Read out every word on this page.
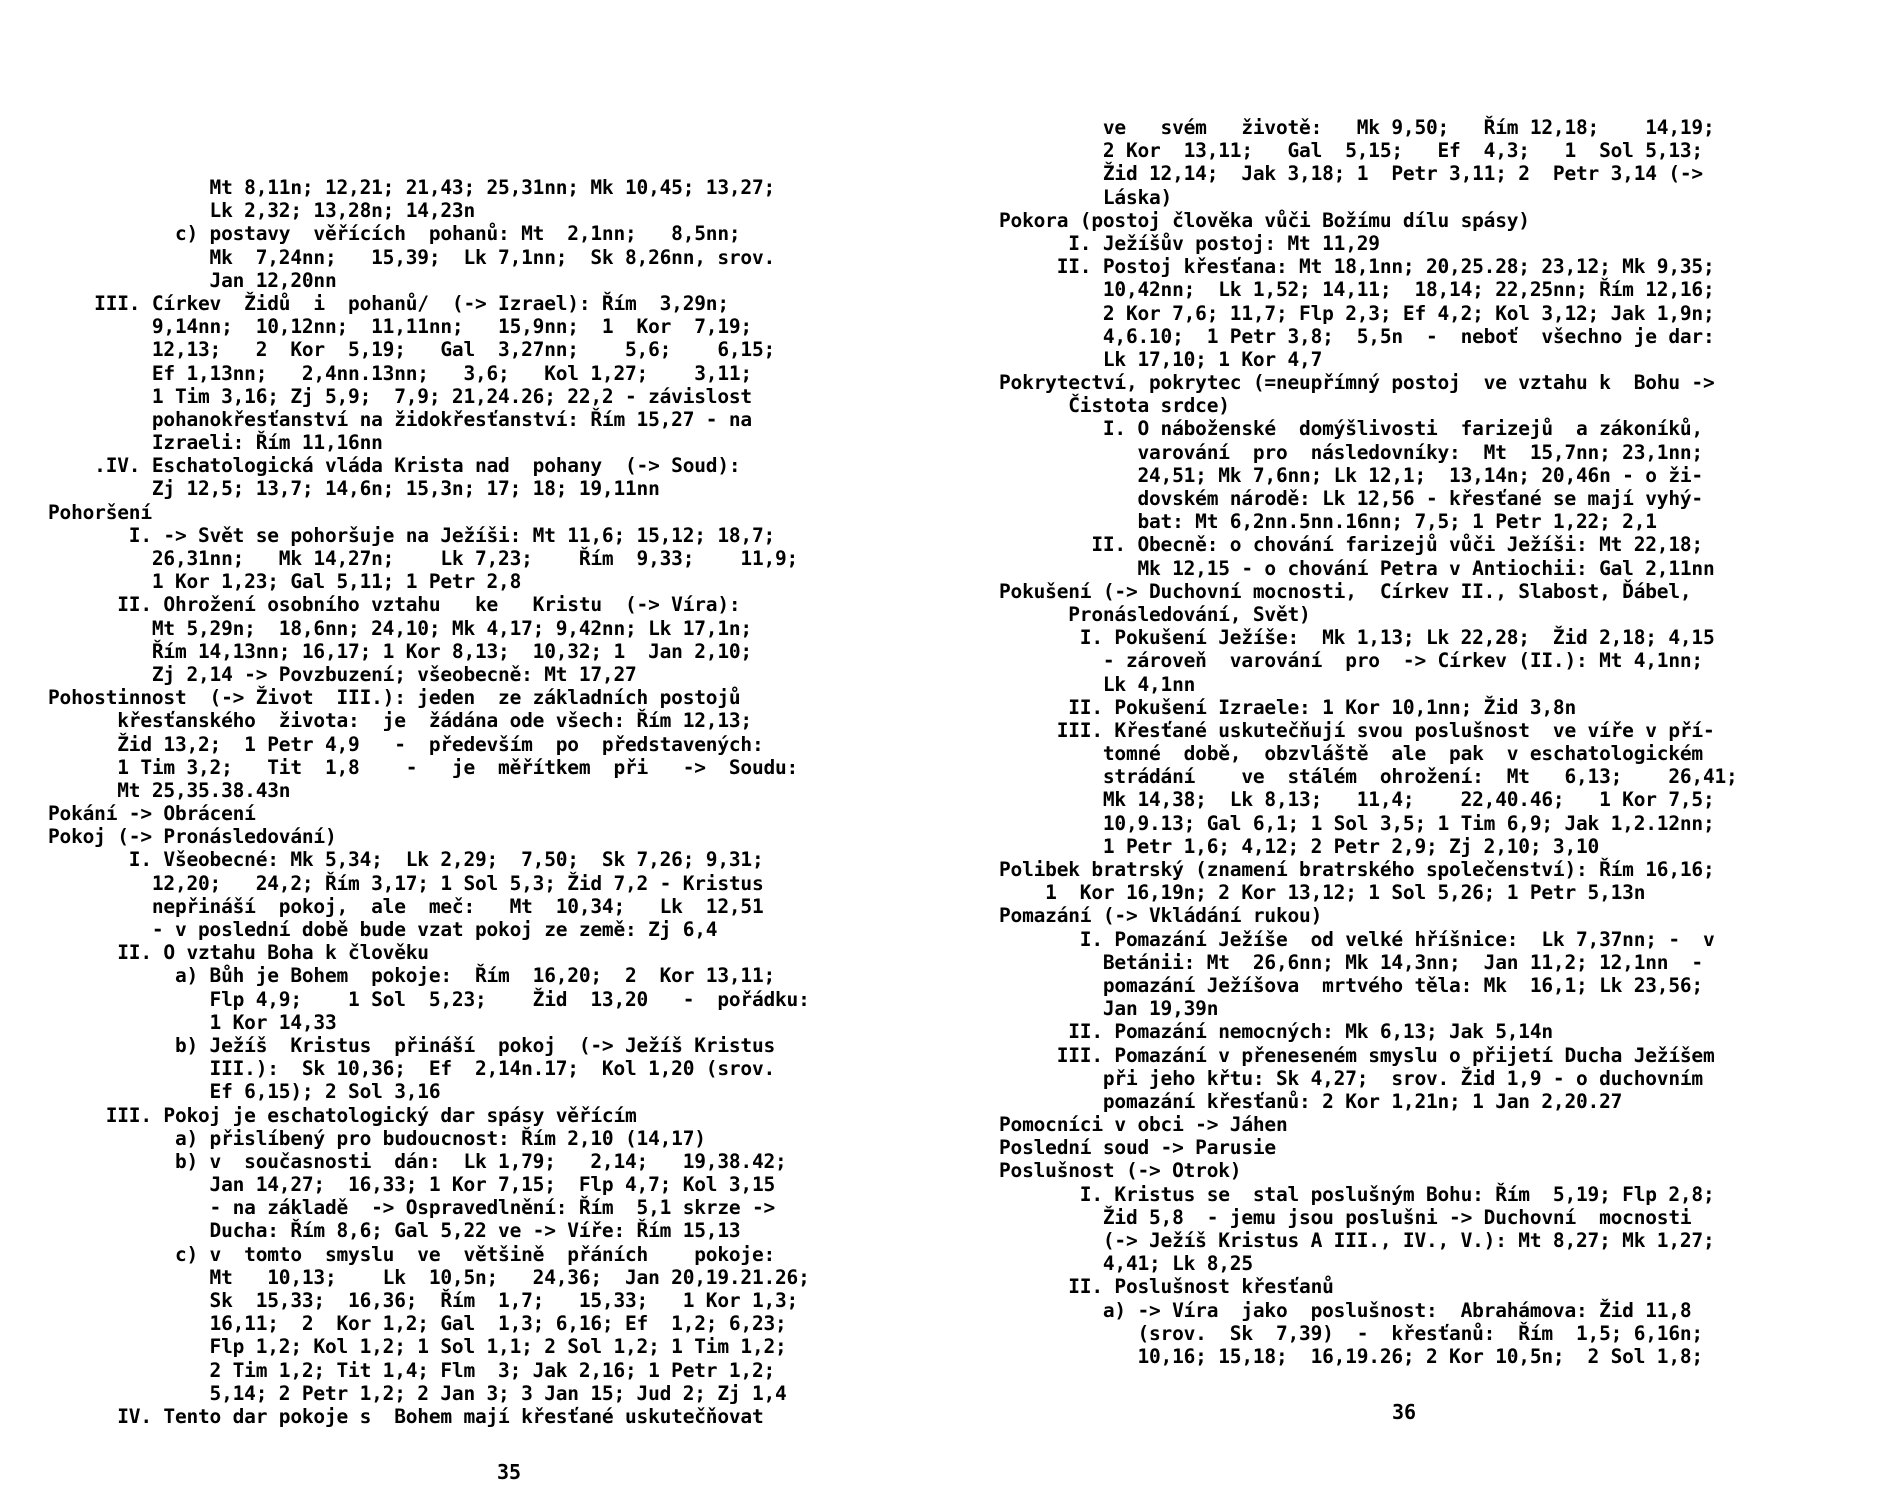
Mt 8,11n; 12,21; 21,43; 25,31nn; Mk 10,45; 13,27;
Lk 2,32; 13,28n; 14,23n
c) postavy  věřících  pohanů: Mt  2,1nn;   8,5nn;
Mk  7,24nn;   15,39;  Lk 7,1nn;  Sk 8,26nn, srov.
Jan 12,20nn
III. Církev  Židů  i  pohanů/  (-> Izrael): Řím  3,29n;
9,14nn;  10,12nn;  11,11nn;   15,9nn;  1  Kor  7,19;
12,13;   2  Kor  5,19;   Gal  3,27nn;    5,6;    6,15;
Ef 1,13nn;   2,4nn.13nn;   3,6;   Kol 1,27;    3,11;
1 Tim 3,16; Zj 5,9;  7,9; 21,24.26; 22,2 - závislost
pohanokřesťanství na židokřesťanství: Řím 15,27 - na
Izraeli: Řím 11,16nn
.IV. Eschatologická vláda Krista nad  pohany  (-> Soud):
Zj 12,5; 13,7; 14,6n; 15,3n; 17; 18; 19,11nn
Pohoršení
I. -> Svět se pohoršuje na Ježíši: Mt 11,6; 15,12; 18,7;
26,31nn;   Mk 14,27n;    Lk 7,23;    Řím  9,33;    11,9;
1 Kor 1,23; Gal 5,11; 1 Petr 2,8
II. Ohrožení osobního vztahu   ke   Kristu  (-> Víra):
Mt 5,29n;  18,6nn; 24,10; Mk 4,17; 9,42nn; Lk 17,1n;
Řím 14,13nn; 16,17; 1 Kor 8,13;  10,32; 1  Jan 2,10;
Zj 2,14 -> Povzbuzení; všeobecně: Mt 17,27
Pohostinnost  (-> Život  III.): jeden  ze základních postojů
křesťanského  života:  je  žádána ode všech: Řím 12,13;
Žid 13,2;  1 Petr 4,9   -  především  po  představených:
1 Tim 3,2;   Tit  1,8    -   je  měřítkem  při   ->  Soudu:
Mt 25,35.38.43n
Pokání -> Obrácení
Pokoj (-> Pronásledování)
I. Všeobecné: Mk 5,34;  Lk 2,29;  7,50;  Sk 7,26; 9,31;
12,20;   24,2; Řím 3,17; 1 Sol 5,3; Žid 7,2 - Kristus
nepřináší  pokoj,  ale  meč:   Mt  10,34;   Lk  12,51
- v poslední době bude vzat pokoj ze země: Zj 6,4
II. O vztahu Boha k člověku
a) Bůh je Bohem  pokoje:  Řím  16,20;  2  Kor 13,11;
Flp 4,9;    1 Sol  5,23;    Žid  13,20   -  pořádku:
1 Kor 14,33
b) Ježíš  Kristus  přináší  pokoj  (-> Ježíš Kristus
III.):  Sk 10,36;  Ef  2,14n.17;  Kol 1,20 (srov.
Ef 6,15); 2 Sol 3,16
III. Pokoj je eschatologický dar spásy věřícím
a) přislíbený pro budoucnost: Řím 2,10 (14,17)
b) v  současnosti  dán:  Lk 1,79;   2,14;   19,38.42;
Jan 14,27;  16,33; 1 Kor 7,15;  Flp 4,7; Kol 3,15
- na základě  -> Ospravedlnění: Řím  5,1 skrze ->
Ducha: Řím 8,6; Gal 5,22 ve -> Víře: Řím 15,13
c) v  tomto  smyslu  ve  většině  přáních    pokoje:
Mt   10,13;    Lk  10,5n;   24,36;  Jan 20,19.21.26;
Sk  15,33;  16,36;  Řím  1,7;   15,33;   1 Kor 1,3;
16,11;  2  Kor 1,2; Gal  1,3; 6,16; Ef  1,2; 6,23;
Flp 1,2; Kol 1,2; 1 Sol 1,1; 2 Sol 1,2; 1 Tim 1,2;
2 Tim 1,2; Tit 1,4; Flm  3; Jak 2,16; 1 Petr 1,2;
5,14; 2 Petr 1,2; 2 Jan 3; 3 Jan 15; Jud 2; Zj 1,4
IV. Tento dar pokoje s  Bohem mají křesťané uskutečňovat
35
ve   svém   životě:   Mk 9,50;   Řím 12,18;    14,19;
2 Kor  13,11;   Gal  5,15;   Ef  4,3;   1  Sol 5,13;
Žid 12,14;  Jak 3,18; 1  Petr 3,11; 2  Petr 3,14 (->
Láska)
Pokora (postoj člověka vůči Božímu dílu spásy)
I. Ježíšův postoj: Mt 11,29
II. Postoj křesťana: Mt 18,1nn; 20,25.28; 23,12; Mk 9,35;
10,42nn;  Lk 1,52; 14,11;  18,14; 22,25nn; Řím 12,16;
2 Kor 7,6; 11,7; Flp 2,3; Ef 4,2; Kol 3,12; Jak 1,9n;
4,6.10;  1 Petr 3,8;  5,5n  -  neboť  všechno je dar:
Lk 17,10; 1 Kor 4,7
Pokrytectví, pokrytec (=neupřímný postoj  ve vztahu k  Bohu ->
Čistota srdce)
I. O náboženské  domýšlivosti  farizejů  a zákoníků,
varování  pro  následovníky:  Mt  15,7nn; 23,1nn;
24,51; Mk 7,6nn; Lk 12,1;  13,14n; 20,46n - o ži-
dovském národě: Lk 12,56 - křesťané se mají vyhý-
bat: Mt 6,2nn.5nn.16nn; 7,5; 1 Petr 1,22; 2,1
II. Obecně: o chování farizejů vůči Ježíši: Mt 22,18;
Mk 12,15 - o chování Petra v Antiochii: Gal 2,11nn
Pokušení (-> Duchovní mocnosti,  Církev II., Slabost, Ďábel,
Pronásledování, Svět)
I. Pokušení Ježíše:  Mk 1,13; Lk 22,28;  Žid 2,18; 4,15
- zároveň  varování  pro  -> Církev (II.): Mt 4,1nn;
Lk 4,1nn
II. Pokušení Izraele: 1 Kor 10,1nn; Žid 3,8n
III. Křesťané uskutečňují svou poslušnost  ve víře v pří-
tomné  době,  obzvláště  ale  pak  v eschatologickém
strádání    ve  stálém  ohrožení:  Mt   6,13;    26,41;
Mk 14,38;  Lk 8,13;   11,4;    22,40.46;   1 Kor 7,5;
10,9.13; Gal 6,1; 1 Sol 3,5; 1 Tim 6,9; Jak 1,2.12nn;
1 Petr 1,6; 4,12; 2 Petr 2,9; Zj 2,10; 3,10
Polibek bratrský (znamení bratrského společenství): Řím 16,16;
1  Kor 16,19n; 2 Kor 13,12; 1 Sol 5,26; 1 Petr 5,13n
Pomazání (-> Vkládání rukou)
I. Pomazání Ježíše  od velké hříšnice:  Lk 7,37nn; -  v
Betánii: Mt  26,6nn; Mk 14,3nn;  Jan 11,2; 12,1nn  -
pomazání Ježíšova  mrtvého těla: Mk  16,1; Lk 23,56;
Jan 19,39n
II. Pomazání nemocných: Mk 6,13; Jak 5,14n
III. Pomazání v přeneseném smyslu o přijetí Ducha Ježíšem
při jeho křtu: Sk 4,27;  srov. Žid 1,9 - o duchovním
pomazání křesťanů: 2 Kor 1,21n; 1 Jan 2,20.27
Pomocníci v obci -> Jáhen
Poslední soud -> Parusie
Poslušnost (-> Otrok)
I. Kristus se  stal poslušným Bohu: Řím  5,19; Flp 2,8;
Žid 5,8  - jemu jsou poslušni -> Duchovní  mocnosti
(-> Ježíš Kristus A III., IV., V.): Mt 8,27; Mk 1,27;
4,41; Lk 8,25
II. Poslušnost křesťanů
a) -> Víra  jako  poslušnost:  Abrahámova: Žid 11,8
(srov.  Sk  7,39)  -  křesťanů:  Řím  1,5; 6,16n;
10,16; 15,18;  16,19.26; 2 Kor 10,5n;  2 Sol 1,8;
36
